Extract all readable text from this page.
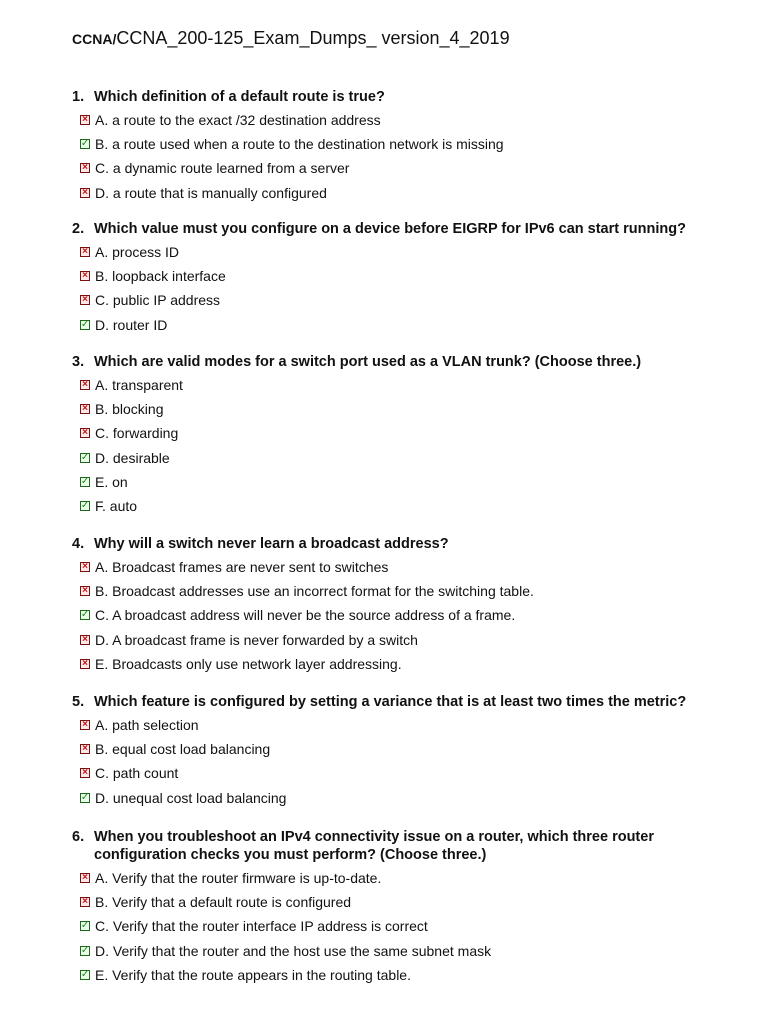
CCNA/CCNA_200-125_Exam_Dumps_ version_4_2019
1. Which definition of a default route is true?
× A. a route to the exact /32 destination address
✓ B. a route used when a route to the destination network is missing
× C. a dynamic route learned from a server
× D. a route that is manually configured
2. Which value must you configure on a device before EIGRP for IPv6 can start running?
× A. process ID
× B. loopback interface
× C. public IP address
✓ D. router ID
3. Which are valid modes for a switch port used as a VLAN trunk? (Choose three.)
× A. transparent
× B. blocking
× C. forwarding
✓ D. desirable
✓ E. on
✓ F. auto
4. Why will a switch never learn a broadcast address?
× A. Broadcast frames are never sent to switches
× B. Broadcast addresses use an incorrect format for the switching table.
✓ C. A broadcast address will never be the source address of a frame.
× D. A broadcast frame is never forwarded by a switch
× E. Broadcasts only use network layer addressing.
5. Which feature is configured by setting a variance that is at least two times the metric?
× A. path selection
× B. equal cost load balancing
× C. path count
✓ D. unequal cost load balancing
6. When you troubleshoot an IPv4 connectivity issue on a router, which three router configuration checks you must perform? (Choose three.)
× A. Verify that the router firmware is up-to-date.
× B. Verify that a default route is configured
✓ C. Verify that the router interface IP address is correct
✓ D. Verify that the router and the host use the same subnet mask
✓ E. Verify that the route appears in the routing table.
